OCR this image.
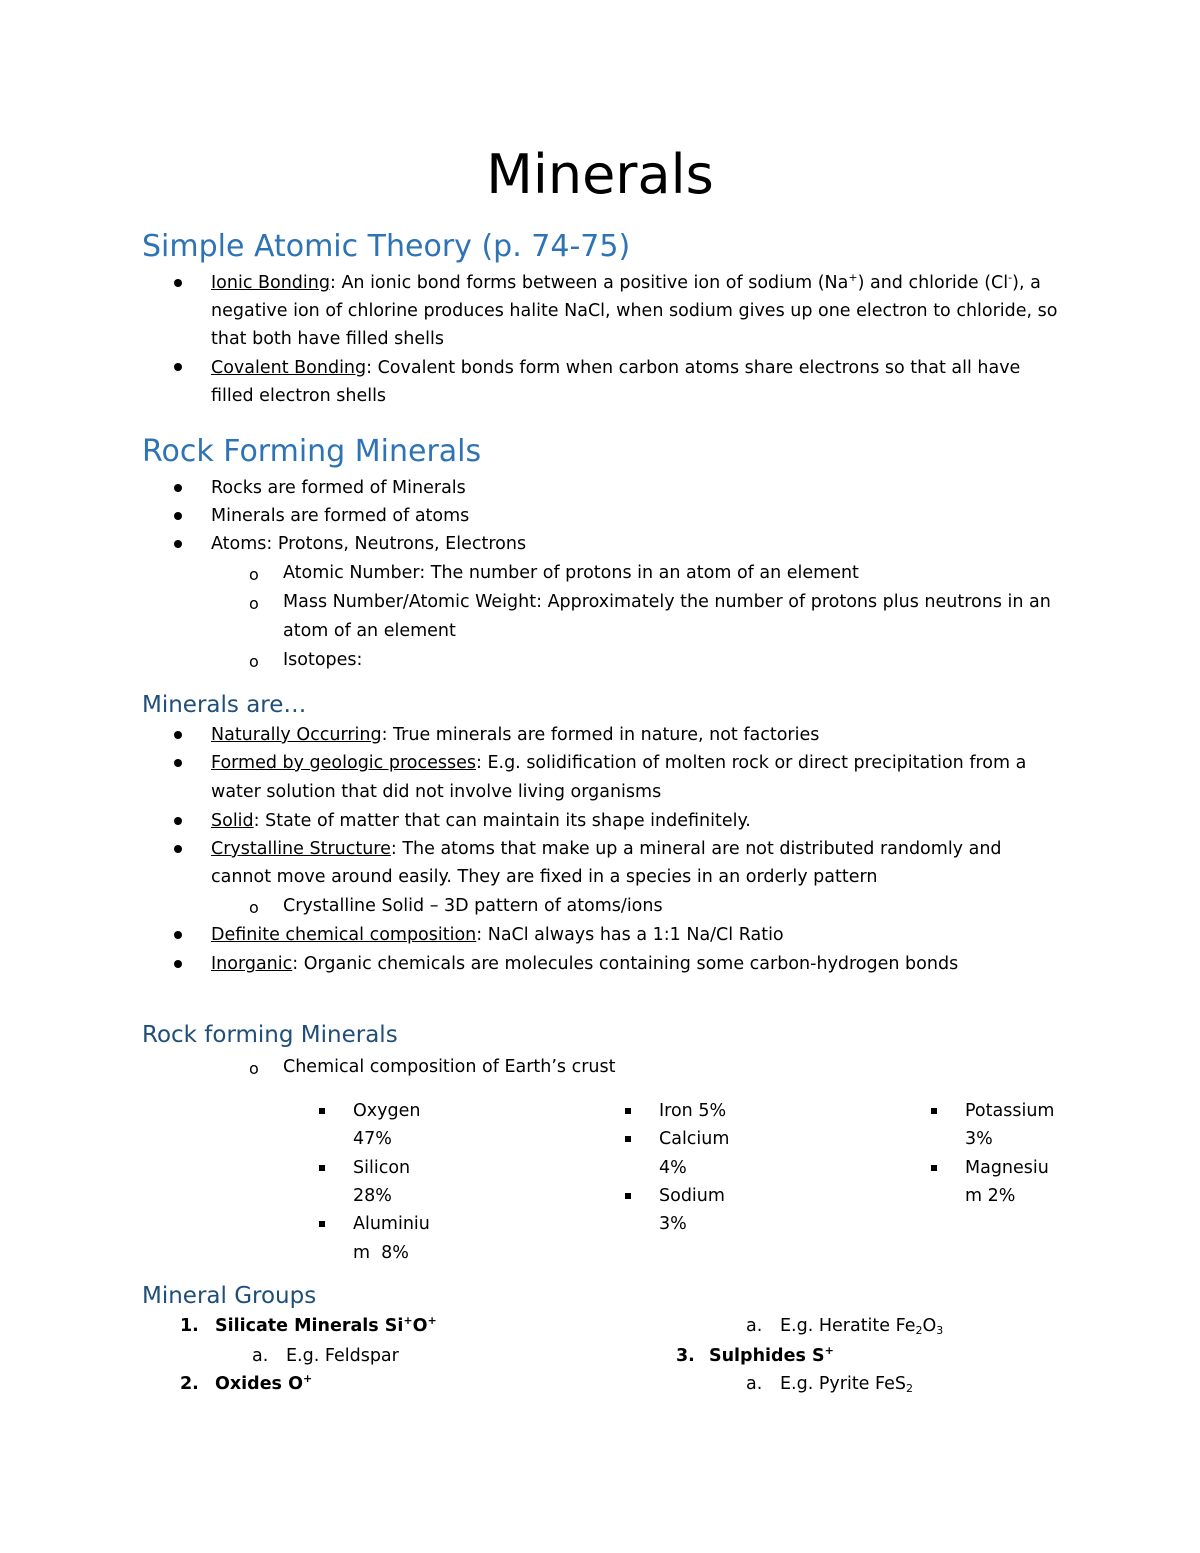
Minerals
Simple Atomic Theory (p. 74-75)
Ionic Bonding: An ionic bond forms between a positive ion of sodium (Na+) and chloride (Cl-), a
negative ion of chlorine produces halite NaCl, when sodium gives up one electron to chloride, so
that both have filled shells
Covalent Bonding: Covalent bonds form when carbon atoms share electrons so that all have
filled electron shells
Rock Forming Minerals
Rocks are formed of Minerals
Minerals are formed of atoms
Atoms: Protons, Neutrons, Electrons
o Atomic Number: The number of protons in an atom of an element
o Mass Number/Atomic Weight: Approximately the number of protons plus neutrons in an
atom of an element
o Isotopes:
Minerals are…
Naturally Occurring: True minerals are formed in nature, not factories
Formed by geologic processes: E.g. solidification of molten rock or direct precipitation from a
water solution that did not involve living organisms
Solid: State of matter that can maintain its shape indefinitely.
Crystalline Structure: The atoms that make up a mineral are not distributed randomly and
cannot move around easily. They are fixed in a species in an orderly pattern
o Crystalline Solid – 3D pattern of atoms/ions
Definite chemical composition: NaCl always has a 1:1 Na/Cl Ratio
Inorganic: Organic chemicals are molecules containing some carbon-hydrogen bonds
Rock forming Minerals
o Chemical composition of Earth’s crust
Oxygen
47%
Silicon
28%
Aluminiu
m  8%
Iron 5%
Calcium
4%
Sodium
3%
Potassium
3%
Magnesiu
m 2%
Mineral Groups
1. Silicate Minerals Si+O+
a. E.g. Feldspar
2. Oxides O+
a. E.g. Heratite $Fe_2O_3$
3. Sulphides S+
a. E.g. Pyrite FeS$_2$
